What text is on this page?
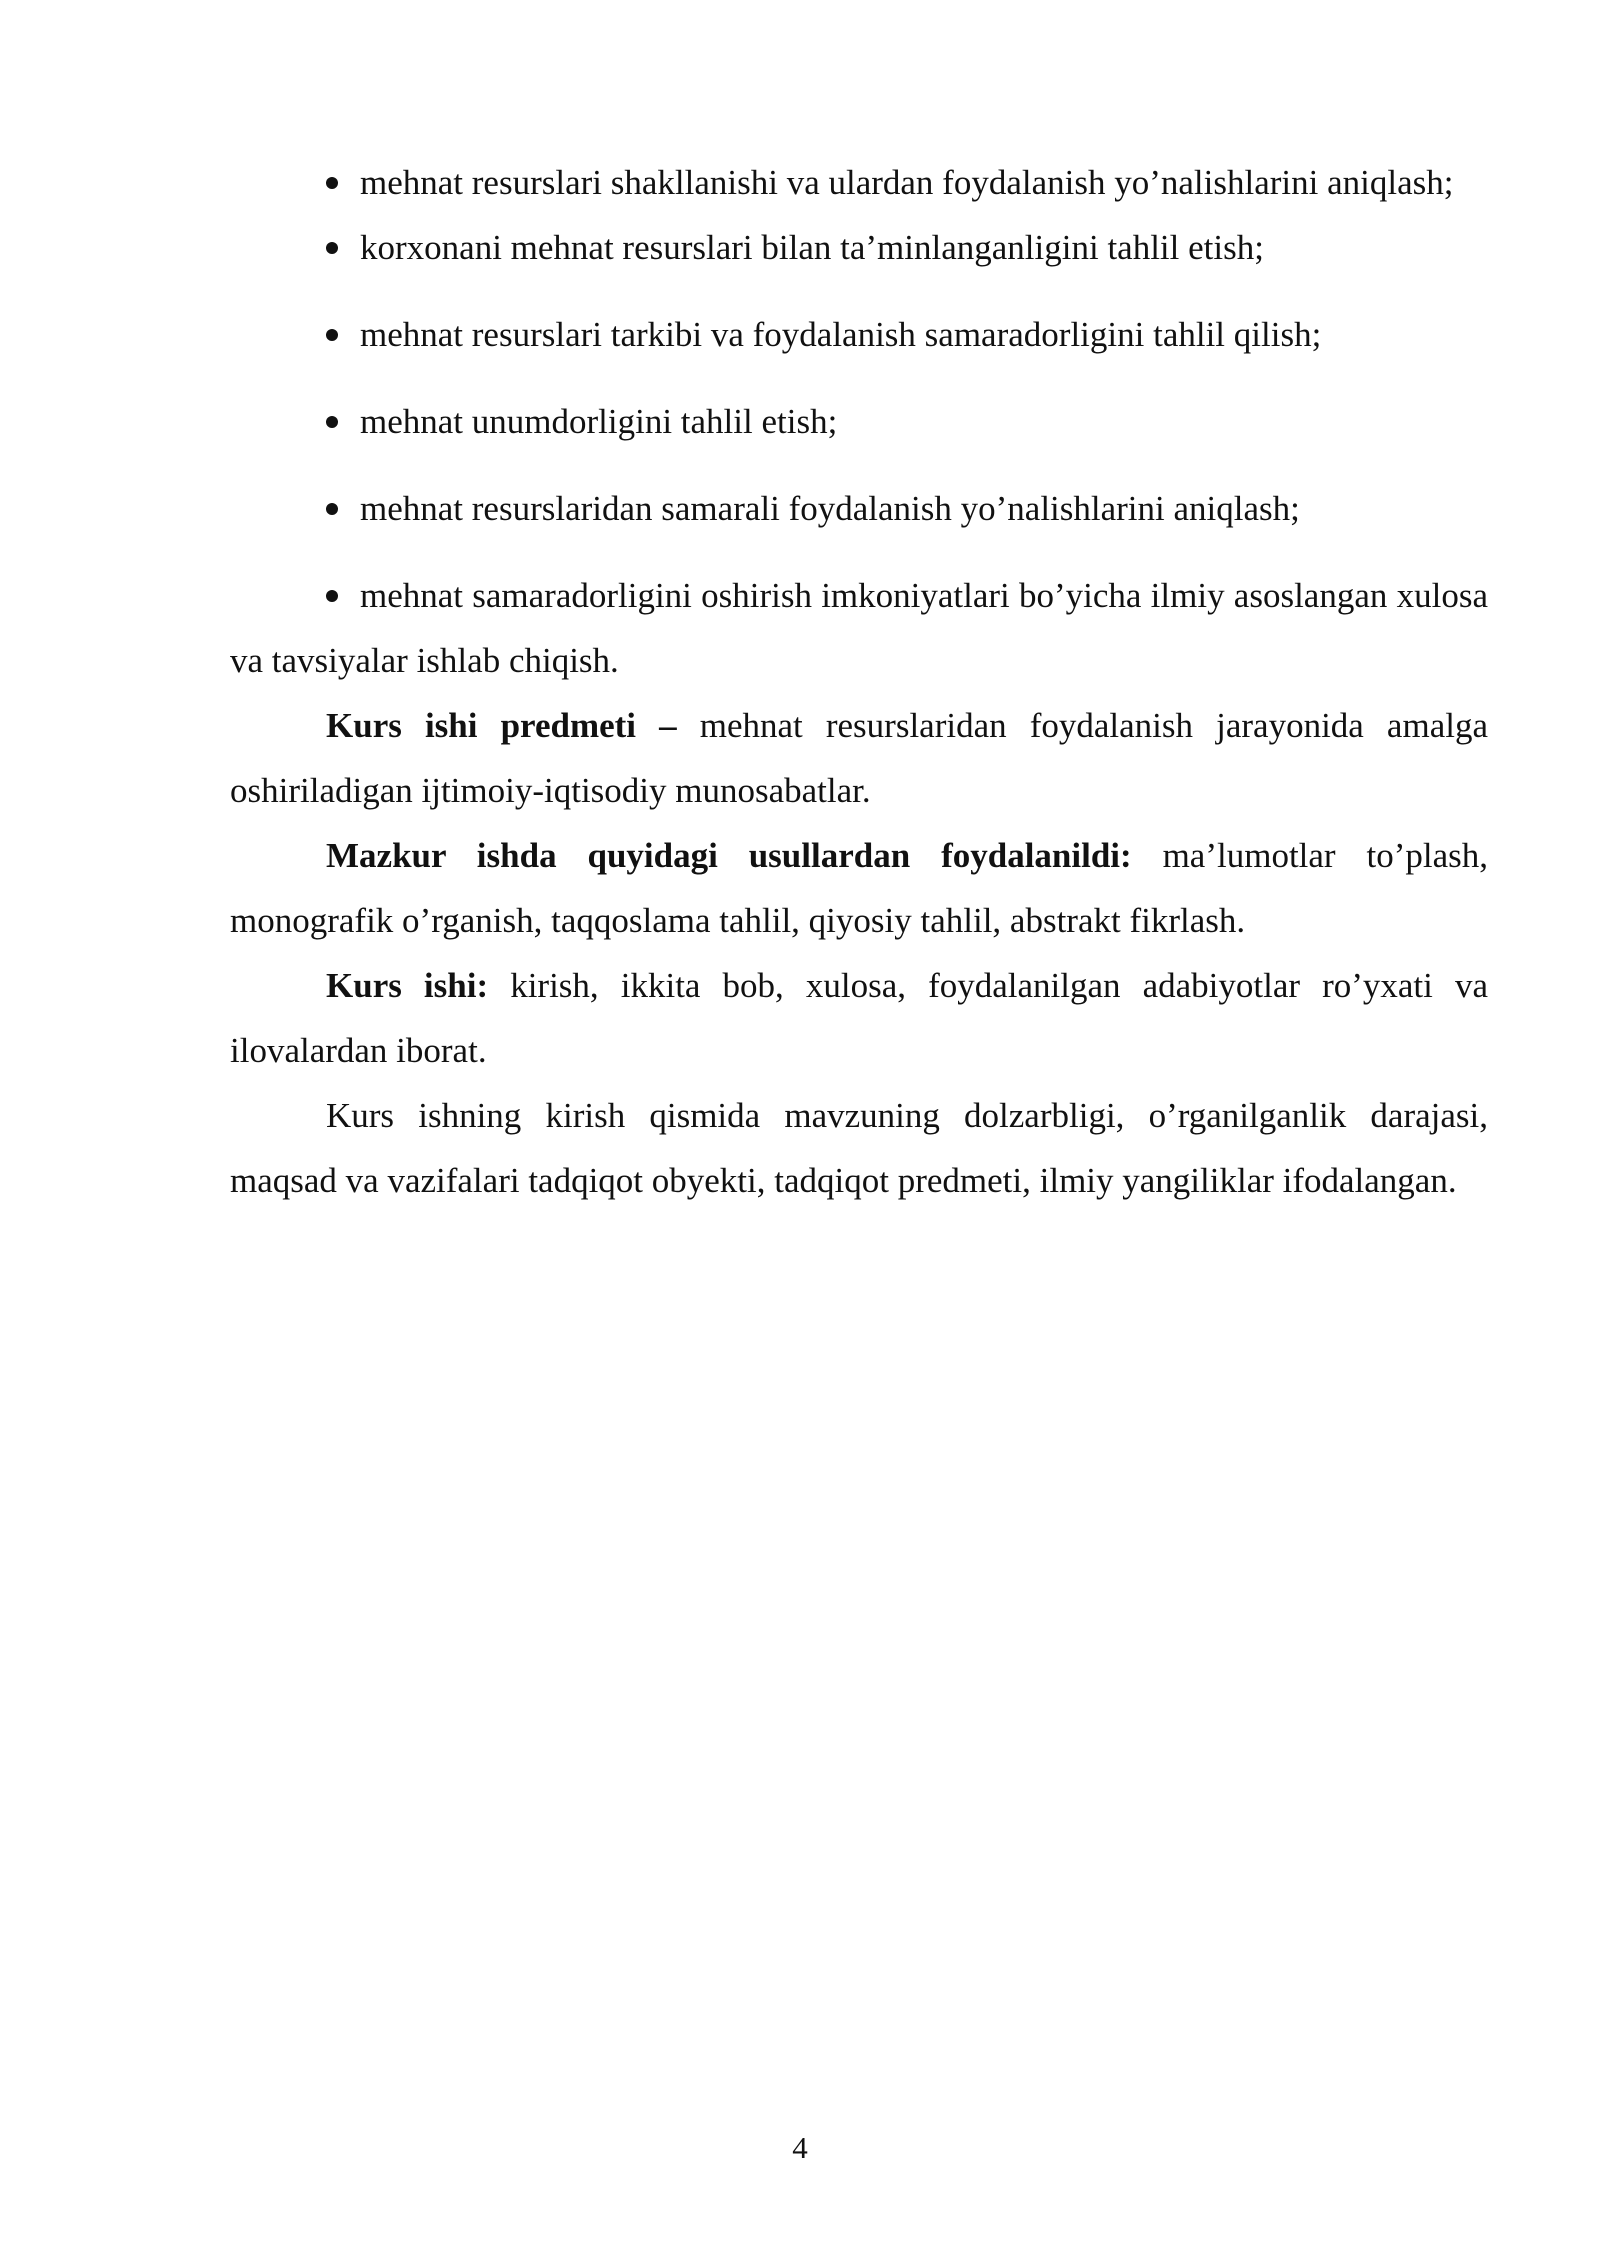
mehnat resurslari shakllanishi va ulardan foydalanish yo’nalishlarini aniqlash;

korxonani mehnat resurslari bilan ta’minlanganligini tahlil etish;

mehnat resurslari tarkibi va foydalanish samaradorligini tahlil qilish;

mehnat unumdorligini tahlil etish;

mehnat resurslaridan samarali foydalanish yo’nalishlarini aniqlash;

mehnat samaradorligini oshirish imkoniyatlari bo’yicha ilmiy asoslangan xulosa va tavsiyalar ishlab chiqish.

Kurs ishi predmeti – mehnat resurslaridan foydalanish jarayonida amalga oshiriladigan ijtimoiy-iqtisodiy munosabatlar.

Mazkur ishda quyidagi usullardan foydalanildi: ma’lumotlar to’plash, monografik o’rganish, taqqoslama tahlil, qiyosiy tahlil, abstrakt fikrlash.

Kurs ishi: kirish, ikkita bob, xulosa, foydalanilgan adabiyotlar ro’yxati va ilovalardan iborat.

Kurs ishning kirish qismida mavzuning dolzarbligi, o’rganilganlik darajasi, maqsad va vazifalari tadqiqot obyekti, tadqiqot predmeti, ilmiy yangiliklar ifodalangan.

4
